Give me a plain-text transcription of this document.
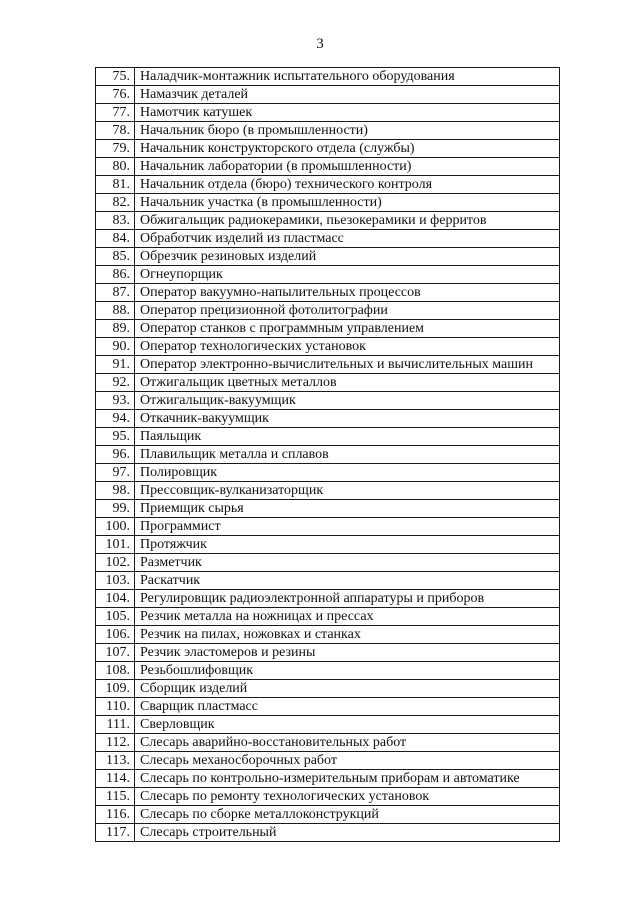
3
75.	Наладчик-монтажник испытательного оборудования
76.	Намазчик деталей
77.	Намотчик катушек
78.	Начальник бюро (в промышленности)
79.	Начальник конструкторского отдела (службы)
80.	Начальник лаборатории (в промышленности)
81.	Начальник отдела (бюро) технического контроля
82.	Начальник участка (в промышленности)
83.	Обжигальщик радиокерамики, пьезокерамики и ферритов
84.	Обработчик изделий из пластмасс
85.	Обрезчик резиновых изделий
86.	Огнеупорщик
87.	Оператор вакуумно-напылительных процессов
88.	Оператор прецизионной фотолитографии
89.	Оператор станков с программным управлением
90.	Оператор технологических установок
91.	Оператор электронно-вычислительных и вычислительных машин
92.	Отжигальщик цветных металлов
93.	Отжигальщик-вакуумщик
94.	Откачник-вакуумщик
95.	Паяльщик
96.	Плавильщик металла и сплавов
97.	Полировщик
98.	Прессовщик-вулканизаторщик
99.	Приемщик сырья
100.	Программист
101.	Протяжчик
102.	Разметчик
103.	Раскатчик
104.	Регулировщик радиоэлектронной аппаратуры и приборов
105.	Резчик металла на ножницах и прессах
106.	Резчик на пилах, ножовках и станках
107.	Резчик эластомеров и резины
108.	Резьбошлифовщик
109.	Сборщик изделий
110.	Сварщик пластмасс
111.	Сверловщик
112.	Слесарь аварийно-восстановительных работ
113.	Слесарь механосборочных работ
114.	Слесарь по контрольно-измерительным приборам и автоматике
115.	Слесарь по ремонту технологических установок
116.	Слесарь по сборке металлоконструкций
117.	Слесарь строительный
